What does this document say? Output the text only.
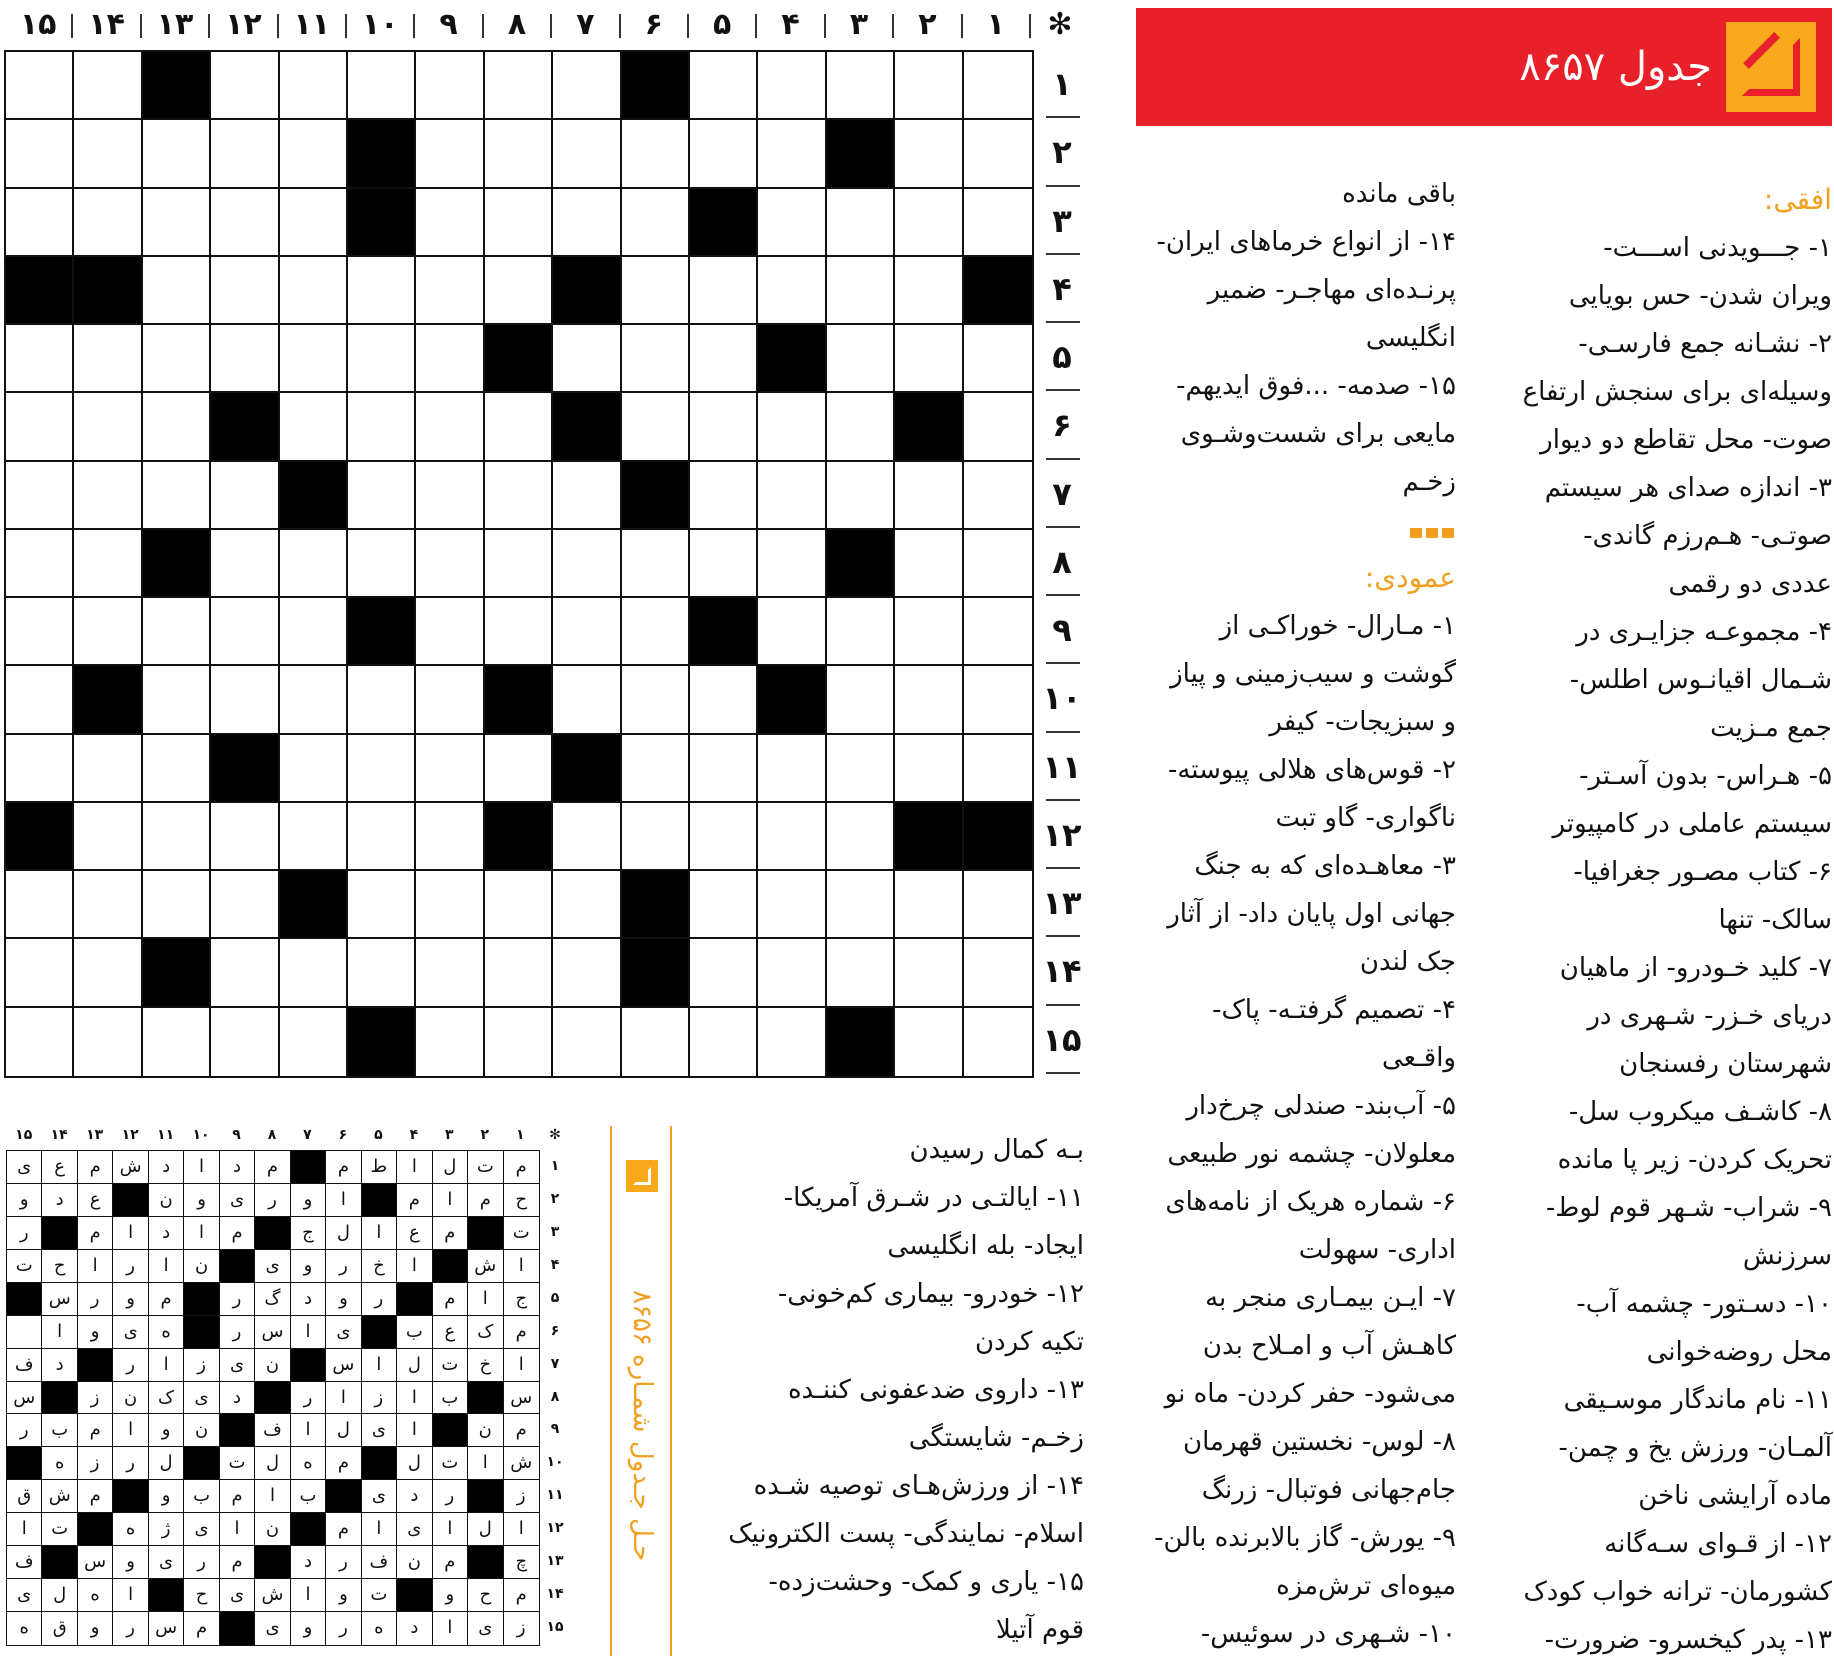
✻
۱
۲
۳
۴
۵
۶
۷
۸
۹
۱۰
۱۱
۱۲
۱۳
۱۴
۱۵
۱
۲
۳
۴
۵
۶
۷
۸
۹
۱۰
۱۱
۱۲
۱۳
۱۴
۱۵
جدول ۸۶۵۷
افقی:
۱- جـــویدنی اســـت-
ویران شدن- حس بویایی
۲- نشـانه جمع فارسـی-
وسیله‌ای برای سنجش ارتفاع
صوت- محل تقاطع دو دیوار
۳- اندازه صدای هر سیستم
صوتـی- هـم‌رزم گاندی-
عددی دو رقمی
۴- مجموعـه جزایـری در
شـمال اقیانـوس اطلس-
جمع مـزیت
۵- هـراس- بدون آسـتر-
سیستم عاملی در کامپیوتر
۶- کتاب مصـور جغرافیا-
سالک- تنها
۷- کلید خـودرو- از ماهیان
دریای خـزر- شـهری در
شهرستان رفسنجان
۸- کاشـف میکروب سل-
تحریک کردن- زیر پا مانده
۹- شراب- شـهر قوم لوط-
سرزنش
۱۰- دسـتور- چشمه آب-
محل روضه‌خوانی
۱۱- نام ماندگار موسـیقی
آلمـان- ورزش یخ و چمن-
ماده آرایشی ناخن
۱۲- از قـوای سـه‌گانه
کشورمان- ترانه خواب کودک
۱۳- پدر کیخسرو- ضرورت-
باقی مانده
۱۴- از انواع خرماهای ایران-
پرنـده‌ای مهاجـر- ضمیر
انگلیسی
۱۵- صدمه- ...فوق ایدیهم-
مایعی برای شست‌وشـوی
زخـم
عمودی:
۱- مـارال- خوراکـی از
گوشت و سیب‌زمینی و پیاز
و سبزیجات- کیفر
۲- قوس‌های هلالی پیوسته-
ناگواری- گاو تبت
۳- معاهـده‌ای که به جنگ
جهانی اول پایان داد- از آثار
جک لندن
۴- تصمیم گرفتـه- پاک-
واقـعی
۵- آب‌بند- صندلی چرخ‌دار
معلولان- چشمه نور طبیعی
۶- شماره هریک از نامه‌های
اداری- سهولت
۷- ایـن بیمـاری منجر به
کاهـش آب و امـلاح بدن
می‌شود- حفر کردن- ماه نو
۸- لوس- نخستین قهرمان
جام‌جهانی فوتبال- زرنگ
۹- یورش- گاز بالابرنده بالن-
میوه‌ای ترش‌مزه
۱۰- شـهری در سوئیس-
بـه کمال رسیدن
۱۱- ایالتـی در شـرق آمریکا-
ایجاد- بله انگلیسی
۱۲- خودرو- بیماری کم‌خونی-
تکیه کردن
۱۳- داروی ضدعفونی کننـده
زخـم- شایستگی
۱۴- از ورزش‌هـای توصیه شـده
اسلام- نمایندگی- پست الکترونیک
۱۵- یاری و کمک- وحشت‌زده-
قوم آتیلا
حـل جـدول شمـاره ۸۶۵۶
✻
۱
۲
۳
۴
۵
۶
۷
۸
۹
۱۰
۱۱
۱۲
۱۳
۱۴
۱۵
۱
۲
۳
۴
۵
۶
۷
۸
۹
۱۰
۱۱
۱۲
۱۳
۱۴
۱۵
م
ت
ل
ا
ط
م
م
د
ا
د
ش
م
ع
ی
ح
م
ا
م
ا
و
ر
ی
و
ن
ع
د
و
ت
م
ع
ا
ل
ج
م
ا
د
ا
م
ر
ا
ش
ا
خ
ر
و
ی
ن
ا
ر
ا
ح
ت
ج
ا
م
ر
و
د
گ
ر
م
و
ر
س
م
ک
ع
ب
ی
ا
س
ر
ه
ی
و
ا
ا
خ
ت
ل
ا
س
ن
ی
ز
ا
ر
د
ف
س
ب
ا
ز
ا
ر
د
ی
ک
ن
ز
س
م
ن
ا
ی
ل
ا
ف
ن
و
ا
م
ب
ر
ش
ا
ت
ل
م
ه
ل
ت
ل
ر
ز
ه
ز
ر
د
ی
ب
ا
م
ب
و
م
ش
ق
ا
ل
ا
ی
ا
م
ن
ا
ی
ژ
ه
ت
ا
چ
م
ن
ف
ر
د
م
ر
ی
و
س
ف
م
ح
و
ت
و
ا
ش
ی
ح
ا
ه
ل
ی
ز
ی
ا
د
ه
ر
و
ی
م
س
ر
و
ق
ه
